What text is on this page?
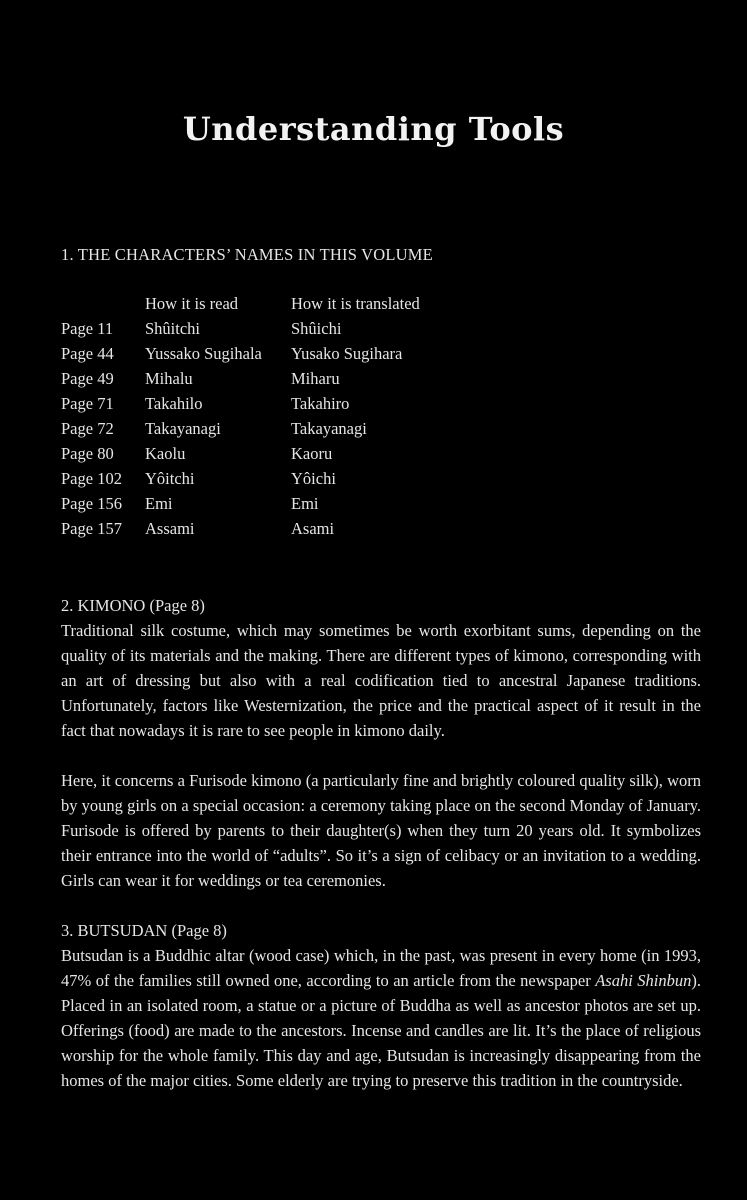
Understanding Tools
1. THE CHARACTERS’ NAMES IN THIS VOLUME
	How it is read	How it is translated
Page 11	Shûitchi	Shûichi
Page 44	Yussako Sugihala	Yusako Sugihara
Page 49	Mihalu	Miharu
Page 71	Takahilo	Takahiro
Page 72	Takayanagi	Takayanagi
Page 80	Kaolu	Kaoru
Page 102	Yôitchi	Yôichi
Page 156	Emi	Emi
Page 157	Assami	Asami
2. KIMONO (Page 8)

Traditional silk costume, which may sometimes be worth exorbitant sums, depending on the quality of its materials and the making. There are different types of kimono, corresponding with an art of dressing but also with a real codification tied to ancestral Japanese traditions. Unfortunately, factors like Westernization, the price and the practical aspect of it result in the fact that nowadays it is rare to see people in kimono daily.

Here, it concerns a Furisode kimono (a particularly fine and brightly coloured quality silk), worn by young girls on a special occasion: a ceremony taking place on the second Monday of January. Furisode is offered by parents to their daughter(s) when they turn 20 years old. It symbolizes their entrance into the world of “adults”. So it’s a sign of celibacy or an invitation to a wedding. Girls can wear it for weddings or tea ceremonies.

3. BUTSUDAN (Page 8)

Butsudan is a Buddhic altar (wood case) which, in the past, was present in every home (in 1993, 47% of the families still owned one, according to an article from the newspaper Asahi Shinbun). Placed in an isolated room, a statue or a picture of Buddha as well as ancestor photos are set up. Offerings (food) are made to the ancestors. Incense and candles are lit. It’s the place of religious worship for the whole family. This day and age, Butsudan is increasingly disappearing from the homes of the major cities. Some elderly are trying to preserve this tradition in the countryside.
